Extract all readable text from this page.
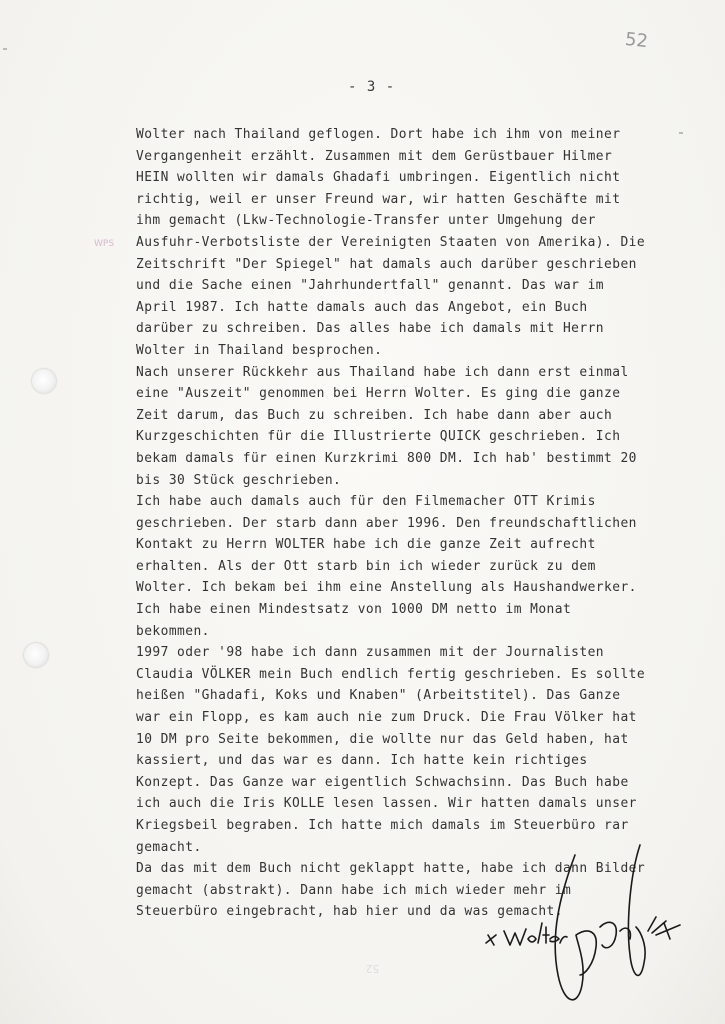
52
- 3 -
WPS
Wolter nach Thailand geflogen. Dort habe ich ihm von meiner
Vergangenheit erzählt. Zusammen mit dem Gerüstbauer Hilmer
HEIN wollten wir damals Ghadafi umbringen. Eigentlich nicht
richtig, weil er unser Freund war, wir hatten Geschäfte mit
ihm gemacht (Lkw-Technologie-Transfer unter Umgehung der
Ausfuhr-Verbotsliste der Vereinigten Staaten von Amerika). Die
Zeitschrift "Der Spiegel" hat damals auch darüber geschrieben
und die Sache einen "Jahrhundertfall" genannt. Das war im
April 1987. Ich hatte damals auch das Angebot, ein Buch
darüber zu schreiben. Das alles habe ich damals mit Herrn
Wolter in Thailand besprochen.
Nach unserer Rückkehr aus Thailand habe ich dann erst einmal
eine "Auszeit" genommen bei Herrn Wolter. Es ging die ganze
Zeit darum, das Buch zu schreiben. Ich habe dann aber auch
Kurzgeschichten für die Illustrierte QUICK geschrieben. Ich
bekam damals für einen Kurzkrimi 800 DM. Ich hab' bestimmt 20
bis 30 Stück geschrieben.
Ich habe auch damals auch für den Filmemacher OTT Krimis
geschrieben. Der starb dann aber 1996. Den freundschaftlichen
Kontakt zu Herrn WOLTER habe ich die ganze Zeit aufrecht
erhalten. Als der Ott starb bin ich wieder zurück zu dem
Wolter. Ich bekam bei ihm eine Anstellung als Haushandwerker.
Ich habe einen Mindestsatz von 1000 DM netto im Monat
bekommen.
1997 oder '98 habe ich dann zusammen mit der Journalisten
Claudia VÖLKER mein Buch endlich fertig geschrieben. Es sollte
heißen "Ghadafi, Koks und Knaben" (Arbeitstitel). Das Ganze
war ein Flopp, es kam auch nie zum Druck. Die Frau Völker hat
10 DM pro Seite bekommen, die wollte nur das Geld haben, hat
kassiert, und das war es dann. Ich hatte kein richtiges
Konzept. Das Ganze war eigentlich Schwachsinn. Das Buch habe
ich auch die Iris KOLLE lesen lassen. Wir hatten damals unser
Kriegsbeil begraben. Ich hatte mich damals im Steuerbüro rar
gemacht.
Da das mit dem Buch nicht geklappt hatte, habe ich dann Bilder
gemacht (abstrakt). Dann habe ich mich wieder mehr im
Steuerbüro eingebracht, hab hier und da was gemacht.
52
